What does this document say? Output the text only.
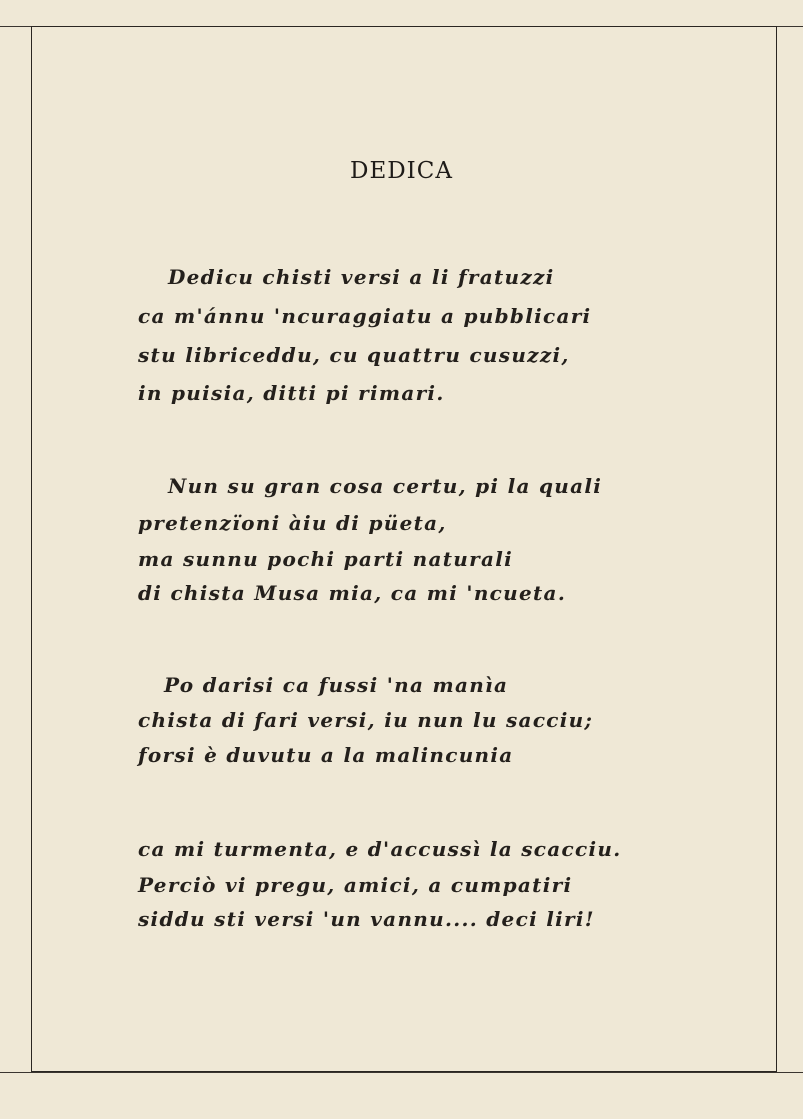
DEDICA
Dedicu chisti versi a li fratuzzi
ca m'ánnu 'ncuraggiatu a pubblicari
stu libriceddu, cu quattru cusuzzi,
in puisia, ditti pi rimari.
Nun su gran cosa certu, pi la quali
pretenzïoni àiu di püeta,
ma sunnu pochi parti naturali
di chista Musa mia, ca mi 'ncueta.
Po darisi ca fussi 'na manìa
chista di fari versi, iu nun lu sacciu;
forsi è duvutu a la malincunia
ca mi turmenta, e d'accussì la scacciu.
Perciò vi pregu, amici, a cumpatiri
siddu sti versi 'un vannu.... deci liri!
